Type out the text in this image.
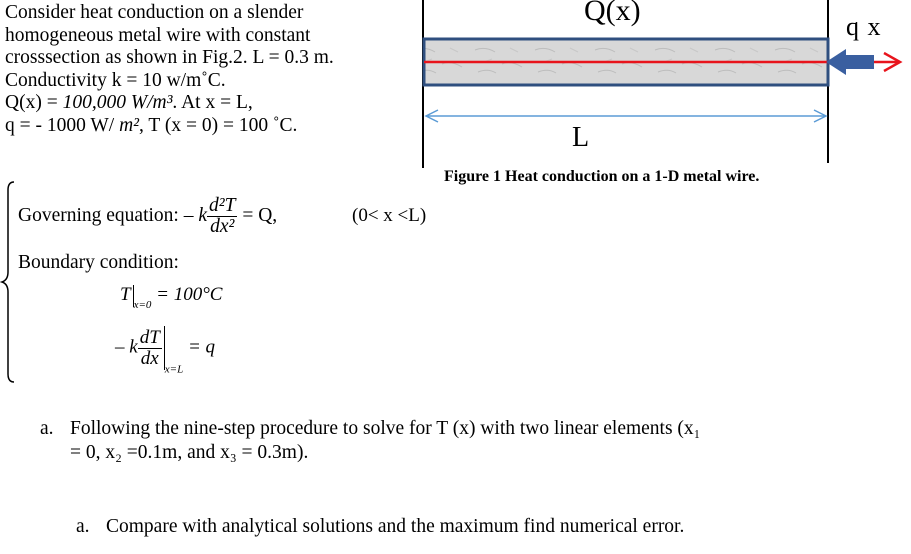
Consider heat conduction on a slender
homogeneous metal wire with constant
crosssection as shown in Fig.2. L = 0.3 m.
Conductivity k = 10 w/m˚C.
Q(x) = 100,000 W/m³. At x = L,
q = - 1000 W/ m², T (x = 0) = 100 ˚C.
Q(x)	q x
L
Figure 1 Heat conduction on a 1-D metal wire.
Governing equation: – k $\frac{\text{d²T}}{\text{dx²}} = Q$,	(0< x <L)
Boundary condition:
T $_{x=0}$ = 100°C
– k $\frac{dT}{dx}$
$_{x=L}$ = q
a. Following the nine-step procedure to solve for T (x) with two linear elements (x₁
= 0, x₂ =0.1m, and x₃ = 0.3m).
a. Compare with analytical solutions and the maximum find numerical error.
